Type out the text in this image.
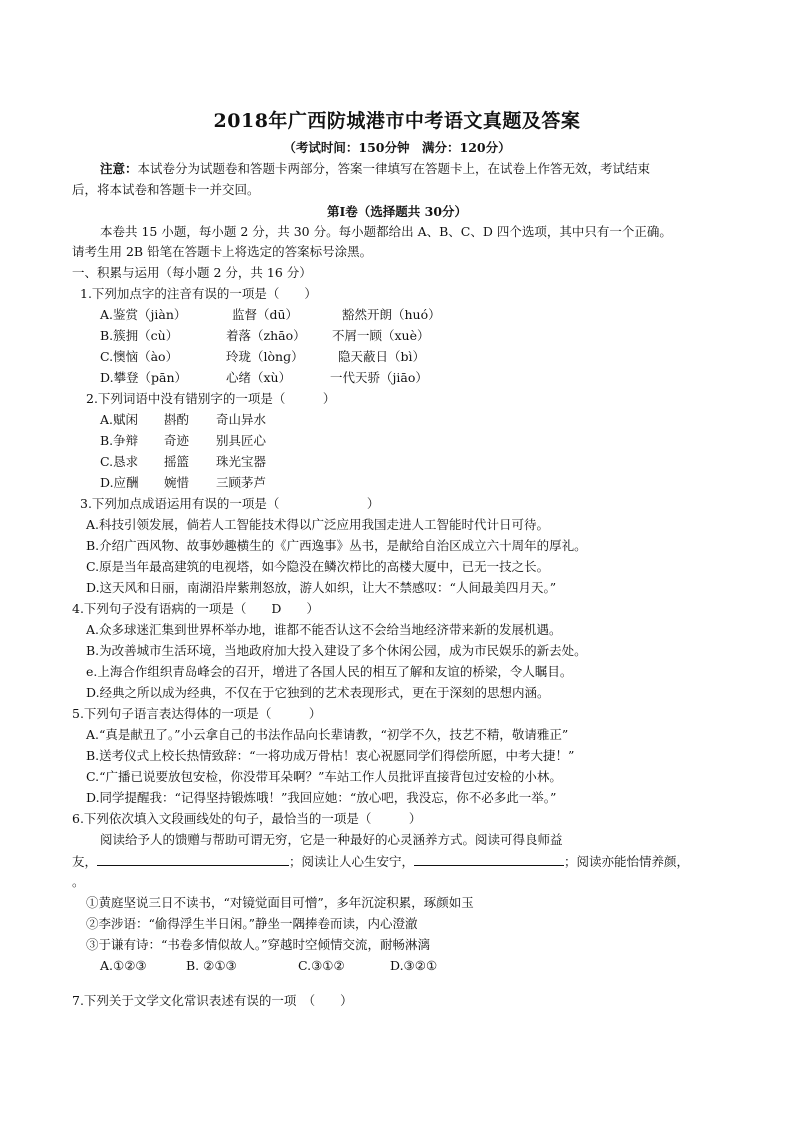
2018年广西防城港市中考语文真题及答案
（考试时间：150分钟　满分：120分）
注意：本试卷分为试题卷和答题卡两部分，答案一律填写在答题卡上，在试卷上作答无效，考试结束
后，将本试卷和答题卡一并交回。
第Ⅰ卷（选择题共 30分）
本卷共 15 小题，每小题 2 分，共 30 分。每小题都给出 A、B、C、D 四个选项，其中只有一个正确。
请考生用 2B 铅笔在答题卡上将选定的答案标号涂黑。
一、积累与运用（每小题 2 分，共 16 分）
1.下列加点字的注音有误的一项是（　　）
A.鉴赏（jiàn）	监督（dū）	豁然开朗（huó）
B.簇拥（cù）	着落（zhāo） 不屑一顾（xuè）
C.懊恼（ào）	玲珑（lònɡ）	隐天蔽日（bì）
D.攀登（pān）	心绪（xù）	一代天骄（jiāo）
2.下列词语中没有错别字的一项是（　　　）
A.赋闲 斟酌 奇山异水
B.争辩 奇迹 别具匠心
C.恳求 摇篮 珠光宝器
D.应酬 婉惜 三顾茅芦
3.下列加点成语运用有误的一项是（　　　　　　　）
A.科技引领发展，倘若人工智能技术得以广泛应用我国走进人工智能时代计日可待。
B.介绍广西风物、故事妙趣横生的《广西逸事》丛书，是献给自治区成立六十周年的厚礼。
C.原是当年最高建筑的电视塔，如今隐没在鳞次栉比的高楼大厦中，已无一技之长。
D.这天风和日丽，南湖沿岸紫荆怒放，游人如织，让大不禁感叹：“人间最美四月天。”
4.下列句子没有语病的一项是（　　D　　）
A.众多球迷汇集到世界杯举办地，谁都不能否认这不会给当地经济带来新的发展机遇。
B.为改善城市生活环境，当地政府加大投入建设了多个休闲公园，成为市民娱乐的新去处。
e.上海合作组织青岛峰会的召开，增进了各国人民的相互了解和友谊的桥梁，令人瞩目。
D.经典之所以成为经典，不仅在于它独到的艺术表现形式，更在于深刻的思想内涵。
5.下列句子语言表达得体的一项是（　　　）
A.“真是献丑了。”小云拿自己的书法作品向长辈请教，“初学不久，技艺不精，敬请雅正”
B.送考仪式上校长热情致辞：“一将功成万骨枯！衷心祝愿同学们得偿所愿，中考大捷！”
C.“广播已说要放包安检，你没带耳朵啊？”车站工作人员批评直接背包过安检的小林。
D.同学提醒我：“记得坚持锻炼哦！”我回应她：“放心吧，我没忘，你不必多此一举。”
6.下列依次填入文段画线处的句子，最恰当的一项是（　　　）
阅读给予人的馈赠与帮助可谓无穷，它是一种最好的心灵涵养方式。阅读可得良师益
友，	；阅读让人心生安宁，	；阅读亦能怡情养颜，
。
①黄庭坚说三日不读书，“对镜觉面目可憎”，多年沉淀积累，琢颜如玉
②李涉语：“偷得浮生半日闲。”静坐一隅捧卷而读，内心澄澈
③于谦有诗：“书卷多情似故人。”穿越时空倾情交流，耐畅淋漓
A.①②③	B. ②①③	C.③①②	D.③②①
7.下列关于文学文化常识表述有误的一项　（　　）
